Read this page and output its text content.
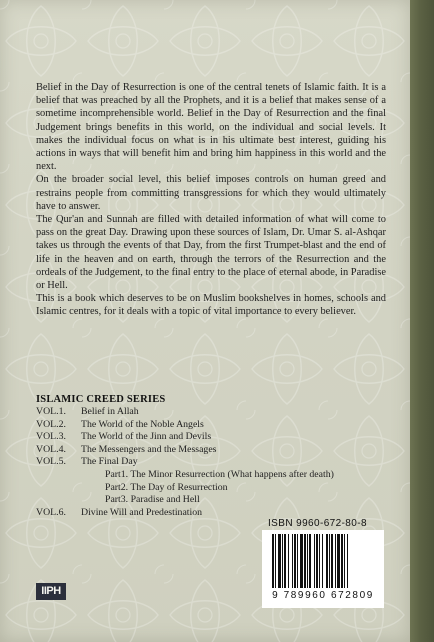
Belief in the Day of Resurrection is one of the central tenets of Islamic faith. It is a belief that was preached by all the Prophets, and it is a belief that makes sense of a sometime incomprehensible world. Belief in the Day of Resurrection and the final Judgement brings benefits in this world, on the individual and social levels. It makes the individual focus on what is in his ultimate best interest, guiding his actions in ways that will benefit him and bring him happiness in this world and the next.

On the broader social level, this belief imposes controls on human greed and restrains people from committing transgressions for which they would ultimately have to answer.

The Qur'an and Sunnah are filled with detailed information of what will come to pass on the great Day. Drawing upon these sources of Islam, Dr. Umar S. al-Ashqar takes us through the events of that Day, from the first Trumpet-blast and the end of life in the heaven and on earth, through the terrors of the Resurrection and the ordeals of the Judgement, to the final entry to the place of eternal abode, in Paradise or Hell.

This is a book which deserves to be on Muslim bookshelves in homes, schools and Islamic centres, for it deals with a topic of vital importance to every believer.

ISLAMIC CREED SERIES
VOL.1.	Belief in Allah
VOL.2.	The World of the Noble Angels
VOL.3.	The World of the Jinn and Devils
VOL.4.	The Messengers and the Messages
VOL.5.	The Final Day
Part1. The Minor Resurrection (What happens after death)
Part2. The Day of Resurrection
Part3. Paradise and Hell
VOL.6.	Divine Will and Predestination
ISBN 9960-672-80-8
9 789960 672809
IIPH
